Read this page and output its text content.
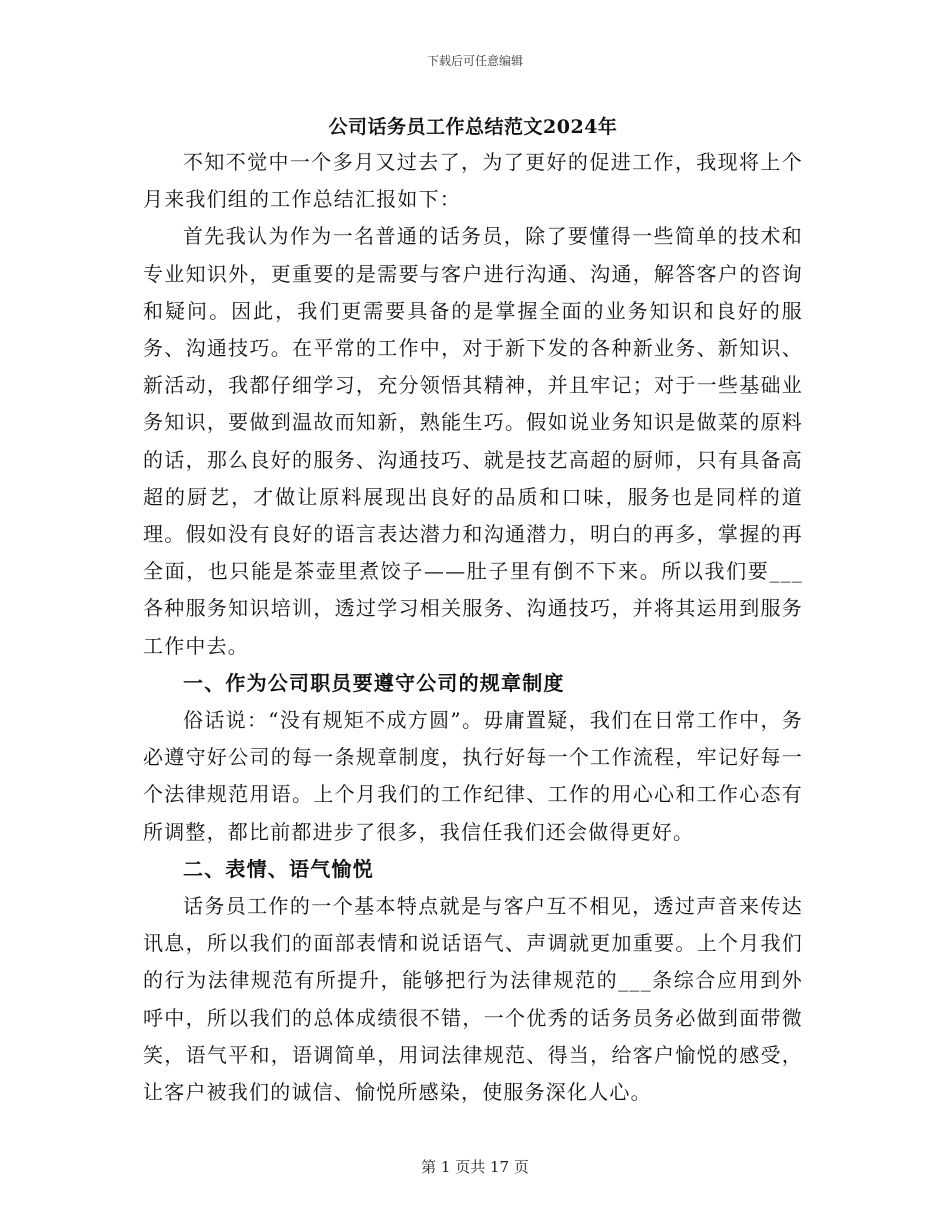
下载后可任意编辑
公司话务员工作总结范文2024年

不知不觉中一个多月又过去了，为了更好的促进工作，我现将上个月来我们组的工作总结汇报如下：

首先我认为作为一名普通的话务员，除了要懂得一些简单的技术和专业知识外，更重要的是需要与客户进行沟通、沟通，解答客户的咨询和疑问。因此，我们更需要具备的是掌握全面的业务知识和良好的服务、沟通技巧。在平常的工作中，对于新下发的各种新业务、新知识、新活动，我都仔细学习，充分领悟其精神，并且牢记；对于一些基础业务知识，要做到温故而知新，熟能生巧。假如说业务知识是做菜的原料的话，那么良好的服务、沟通技巧、就是技艺高超的厨师，只有具备高超的厨艺，才做让原料展现出良好的品质和口味，服务也是同样的道理。假如没有良好的语言表达潜力和沟通潜力，明白的再多，掌握的再全面，也只能是茶壶里煮饺子——肚子里有倒不下来。所以我们要___各种服务知识培训，透过学习相关服务、沟通技巧，并将其运用到服务工作中去。

一、作为公司职员要遵守公司的规章制度

俗话说：“没有规矩不成方圆”。毋庸置疑，我们在日常工作中，务必遵守好公司的每一条规章制度，执行好每一个工作流程，牢记好每一个法律规范用语。上个月我们的工作纪律、工作的用心心和工作心态有所调整，都比前都进步了很多，我信任我们还会做得更好。

二、表情、语气愉悦

话务员工作的一个基本特点就是与客户互不相见，透过声音来传达讯息，所以我们的面部表情和说话语气、声调就更加重要。上个月我们的行为法律规范有所提升，能够把行为法律规范的___条综合应用到外呼中，所以我们的总体成绩很不错，一个优秀的话务员务必做到面带微笑，语气平和，语调简单，用词法律规范、得当，给客户愉悦的感受，让客户被我们的诚信、愉悦所感染，使服务深化人心。

第 1 页共 17 页
